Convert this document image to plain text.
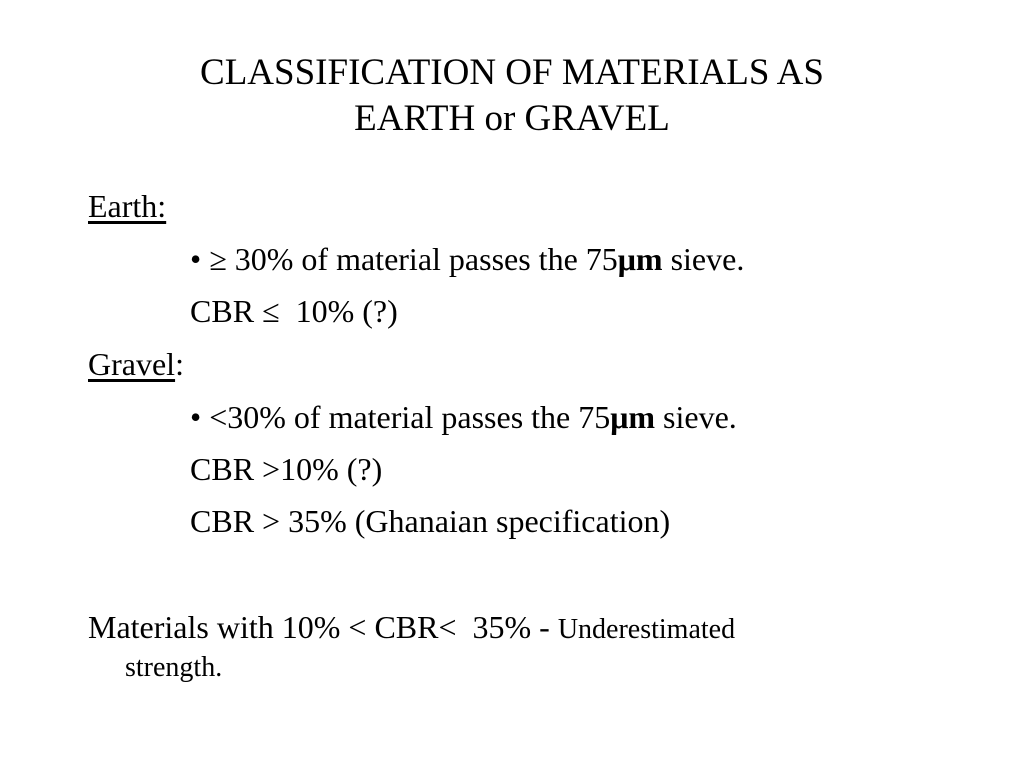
CLASSIFICATION OF MATERIALS AS
EARTH or GRAVEL
Earth:
• ≥ 30% of material passes the 75μm sieve.
CBR ≤  10% (?)
Gravel:
• <30% of material passes the 75μm sieve.
CBR >10% (?)
CBR > 35% (Ghanaian specification)
Materials with 10% < CBR<  35% - Underestimated
strength.
